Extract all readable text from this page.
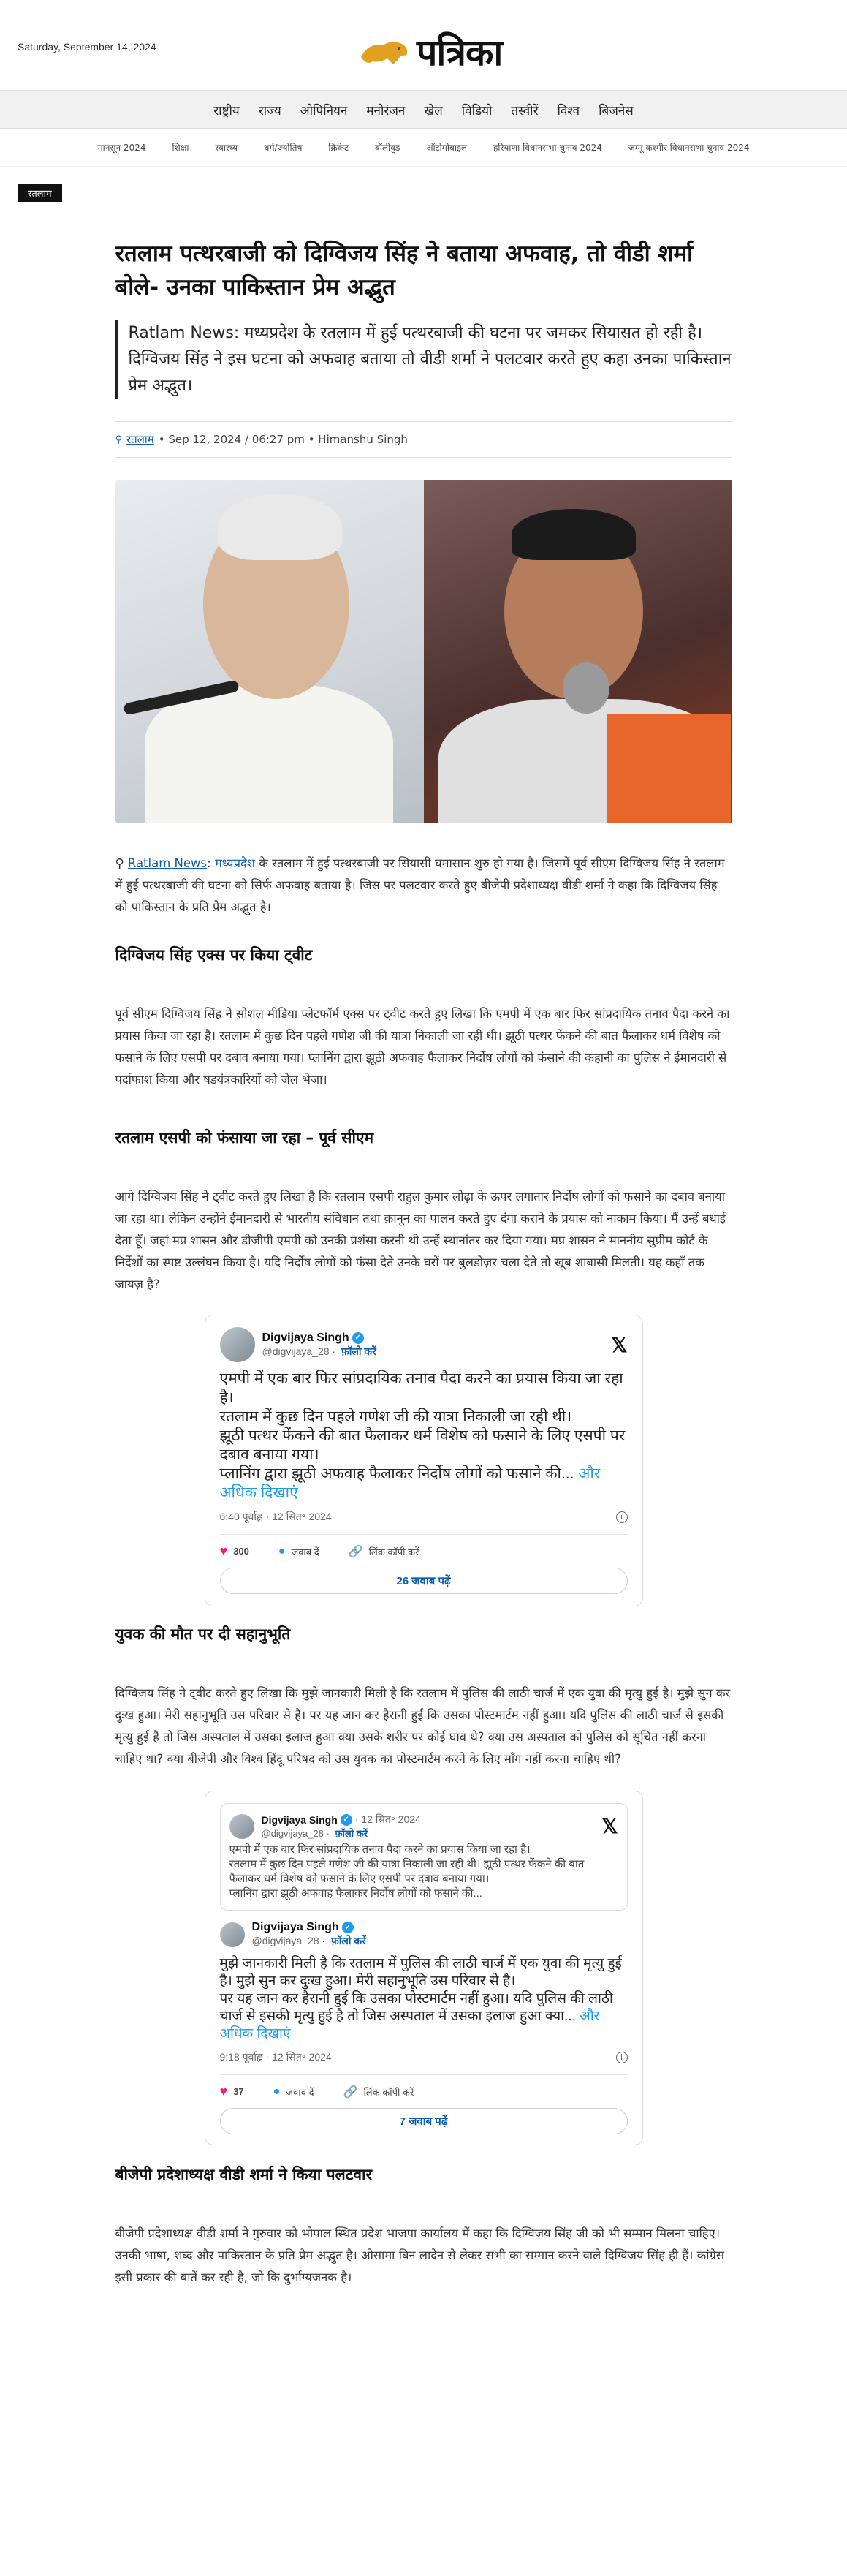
Saturday, September 14, 2024	पत्रिका
राष्ट्रीय राज्य ओपिनियन मनोरंजन खेल विडियो तस्वीरें विश्व बिजनेस
मानसून 2024	शिक्षा	स्वास्थ्य	धर्म/ज्योतिष	क्रिकेट	बॉलीवुड	ऑटोमोबाइल	हरियाणा विधानसभा चुनाव 2024	जम्मू कश्मीर विधानसभा चुनाव 2024
रतलाम
रतलाम पत्थरबाजी को दिग्विजय सिंह ने बताया अफवाह, तो वीडी शर्मा बोले- उनका पाकिस्तान प्रेम अद्भुत
Ratlam News: मध्यप्रदेश के रतलाम में हुई पत्थरबाजी की घटना पर जमकर सियासत हो रही है। दिग्विजय सिंह ने इस घटना को अफवाह बताया तो वीडी शर्मा ने पलटवार करते हुए कहा उनका पाकिस्तान प्रेम अद्भुत।
⚲ रतलाम • Sep 12, 2024 / 06:27 pm • Himanshu Singh

⚲ Ratlam News: मध्यप्रदेश के रतलाम में हुई पत्थरबाजी पर सियासी घमासान शुरु हो गया है। जिसमें पूर्व सीएम दिग्विजय सिंह ने रतलाम में हुई पत्थरबाजी की घटना को सिर्फ अफवाह बताया है। जिस पर पलटवार करते हुए बीजेपी प्रदेशाध्यक्ष वीडी शर्मा ने कहा कि दिग्विजय सिंह को पाकिस्तान के प्रति प्रेम अद्भुत है।

दिग्विजय सिंह एक्स पर किया ट्वीट

पूर्व सीएम दिग्विजय सिंह ने सोशल मीडिया प्लेटफॉर्म एक्स पर ट्वीट करते हुए लिखा कि एमपी में एक बार फिर सांप्रदायिक तनाव पैदा करने का प्रयास किया जा रहा है। रतलाम में कुछ दिन पहले गणेश जी की यात्रा निकाली जा रही थी। झूठी पत्थर फेंकने की बात फैलाकर धर्म विशेष को फसाने के लिए एसपी पर दबाव बनाया गया। प्लानिंग द्वारा झूठी अफवाह फैलाकर निर्दोष लोगों को फंसाने की कहानी का पुलिस ने ईमानदारी से पर्दाफाश किया और षडयंत्रकारियों को जेल भेजा।

रतलाम एसपी को फंसाया जा रहा – पूर्व सीएम

आगे दिग्विजय सिंह ने ट्वीट करते हुए लिखा है कि रतलाम एसपी राहुल कुमार लोढ़ा के ऊपर लगातार निर्दोष लोगों को फसाने का दबाव बनाया जा रहा था। लेकिन उन्होंने ईमानदारी से भारतीय संविधान तथा क़ानून का पालन करते हुए दंगा कराने के प्रयास को नाकाम किया। मैं उन्हें बधाई देता हूँ। जहां मप्र शासन और डीजीपी एमपी को उनकी प्रशंसा करनी थी उन्हें स्थानांतर कर दिया गया। मप्र शासन ने माननीय सुप्रीम कोर्ट के निर्देशों का स्पष्ट उल्लंघन किया है। यदि निर्दोष लोगों को फंसा देते उनके घरों पर बुलडोज़र चला देते तो खूब शाबासी मिलती। यह कहाँ तक जायज़ है?

Digvijaya Singh ✓
@digvijaya_28 · फ़ॉलो करें	𝕏
एमपी में एक बार फिर सांप्रदायिक तनाव पैदा करने का प्रयास किया जा रहा है।
रतलाम में कुछ दिन पहले गणेश जी की यात्रा निकाली जा रही थी।
झूठी पत्थर फेंकने की बात फैलाकर धर्म विशेष को फसाने के लिए एसपी पर दबाव बनाया गया।
प्लानिंग द्वारा झूठी अफवाह फैलाकर निर्दोष लोगों को फसाने की... और अधिक दिखाएं
6:40 पूर्वाह्न · 12 सित॰ 2024	i
♥ 300	● जवाब दें	🔗 लिंक कॉपी करें
26 जवाब पढ़ें
युवक की मौत पर दी सहानुभूति

दिग्विजय सिंह ने ट्वीट करते हुए लिखा कि मुझे जानकारी मिली है कि रतलाम में पुलिस की लाठी चार्ज में एक युवा की मृत्यु हुई है। मुझे सुन कर दुःख हुआ। मेरी सहानुभूति उस परिवार से है। पर यह जान कर हैरानी हुई कि उसका पोस्टमार्टम नहीं हुआ। यदि पुलिस की लाठी चार्ज से इसकी मृत्यु हुई है तो जिस अस्पताल में उसका इलाज हुआ क्या उसके शरीर पर कोई घाव थे? क्या उस अस्पताल को पुलिस को सूचित नहीं करना चाहिए था? क्या बीजेपी और विश्व हिंदू परिषद को उस युवक का पोस्टमार्टम करने के लिए माँग नहीं करना चाहिए थी?

Digvijaya Singh ✓ · 12 सित॰ 2024
@digvijaya_28 · फ़ॉलो करें	𝕏
एमपी में एक बार फिर सांप्रदायिक तनाव पैदा करने का प्रयास किया जा रहा है।
रतलाम में कुछ दिन पहले गणेश जी की यात्रा निकाली जा रही थी। झूठी पत्थर फेंकने की बात फैलाकर धर्म विशेष को फसाने के लिए एसपी पर दबाव बनाया गया।
प्लानिंग द्वारा झूठी अफवाह फैलाकर निर्दोष लोगों को फसाने की...
Digvijaya Singh ✓
@digvijaya_28 · फ़ॉलो करें
मुझे जानकारी मिली है कि रतलाम में पुलिस की लाठी चार्ज में एक युवा की मृत्यु हुई है। मुझे सुन कर दुःख हुआ। मेरी सहानुभूति उस परिवार से है।
पर यह जान कर हैरानी हुई कि उसका पोस्टमार्टम नहीं हुआ। यदि पुलिस की लाठी चार्ज से इसकी मृत्यु हुई है तो जिस अस्पताल में उसका इलाज हुआ क्या... और अधिक दिखाएं
9:18 पूर्वाह्न · 12 सित॰ 2024	i
♥ 37	● जवाब दें	🔗 लिंक कॉपी करें
7 जवाब पढ़ें
बीजेपी प्रदेशाध्यक्ष वीडी शर्मा ने किया पलटवार

बीजेपी प्रदेशाध्यक्ष वीडी शर्मा ने गुरुवार को भोपाल स्थित प्रदेश भाजपा कार्यालय में कहा कि दिग्विजय सिंह जी को भी सम्मान मिलना चाहिए। उनकी भाषा, शब्द और पाकिस्तान के प्रति प्रेम अद्भुत है। ओसामा बिन लादेन से लेकर सभी का सम्मान करने वाले दिग्विजय सिंह ही हैं। कांग्रेस इसी प्रकार की बातें कर रही है, जो कि दुर्भाग्यजनक है।
